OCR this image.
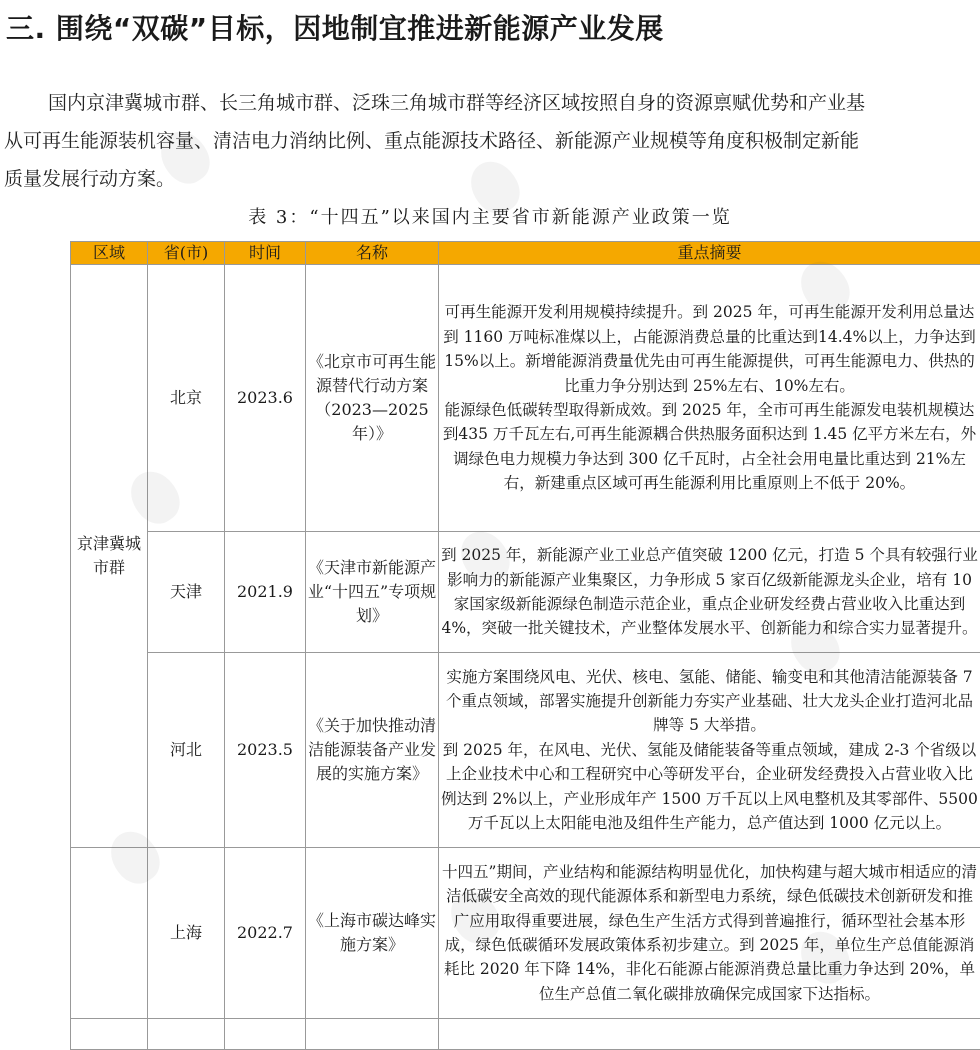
三. 围绕“双碳”目标，因地制宜推进新能源产业发展
国内京津冀城市群、长三角城市群、泛珠三角城市群等经济区域按照自身的资源禀赋优势和产业基
从可再生能源装机容量、清洁电力消纳比例、重点能源技术路径、新能源产业规模等角度积极制定新能
质量发展行动方案。
表 3：“十四五”以来国内主要省市新能源产业政策一览
区域	省(市)	时间	名称	重点摘要
京津冀城市群	北京	2023.6	《北京市可再生能源替代行动方案（2023—2025年）》	可再生能源开发利用规模持续提升。到 2025 年，可再生能源开发利用总量达到 1160 万吨标准煤以上，占能源消费总量的比重达到14.4%以上，力争达到 15%以上。新增能源消费量优先由可再生能源提供，可再生能源电力、供热的比重力争分别达到 25%左右、10%左右。
能源绿色低碳转型取得新成效。到 2025 年，全市可再生能源发电装机规模达到435 万千瓦左右,可再生能源耦合供热服务面积达到 1.45 亿平方米左右，外调绿色电力规模力争达到 300 亿千瓦时，占全社会用电量比重达到 21%左右，新建重点区域可再生能源利用比重原则上不低于 20%。

	天津	2021.9	《天津市新能源产业“十四五”专项规划》	到 2025 年，新能源产业工业总产值突破 1200 亿元，打造 5 个具有较强行业影响力的新能源产业集聚区，力争形成 5 家百亿级新能源龙头企业，培有 10 家国家级新能源绿色制造示范企业，重点企业研发经费占营业收入比重达到 4%，突破一批关键技术，产业整体发展水平、创新能力和综合实力显著提升。

	河北	2023.5	《关于加快推动清洁能源装备产业发展的实施方案》	实施方案围绕风电、光伏、核电、氢能、储能、输变电和其他清洁能源装备 7 个重点领域，部署实施提升创新能力夯实产业基础、壮大龙头企业打造河北品牌等 5 大举措。
到 2025 年，在风电、光伏、氢能及储能装备等重点领域，建成 2-3 个省级以上企业技术中心和工程研究中心等研发平台，企业研发经费投入占营业收入比例达到 2%以上，产业形成年产 1500 万千瓦以上风电整机及其零部件、5500 万千瓦以上太阳能电池及组件生产能力，总产值达到 1000 亿元以上。

	上海	2022.7	《上海市碳达峰实施方案》	十四五”期间，产业结构和能源结构明显优化，加快构建与超大城市相适应的清洁低碳安全高效的现代能源体系和新型电力系统，绿色低碳技术创新研发和推广应用取得重要进展，绿色生产生活方式得到普遍推行，循环型社会基本形成，绿色低碳循环发展政策体系初步建立。到 2025 年，单位生产总值能源消耗比 2020 年下降 14%，非化石能源占能源消费总量比重力争达到 20%，单位生产总值二氧化碳排放确保完成国家下达指标。
